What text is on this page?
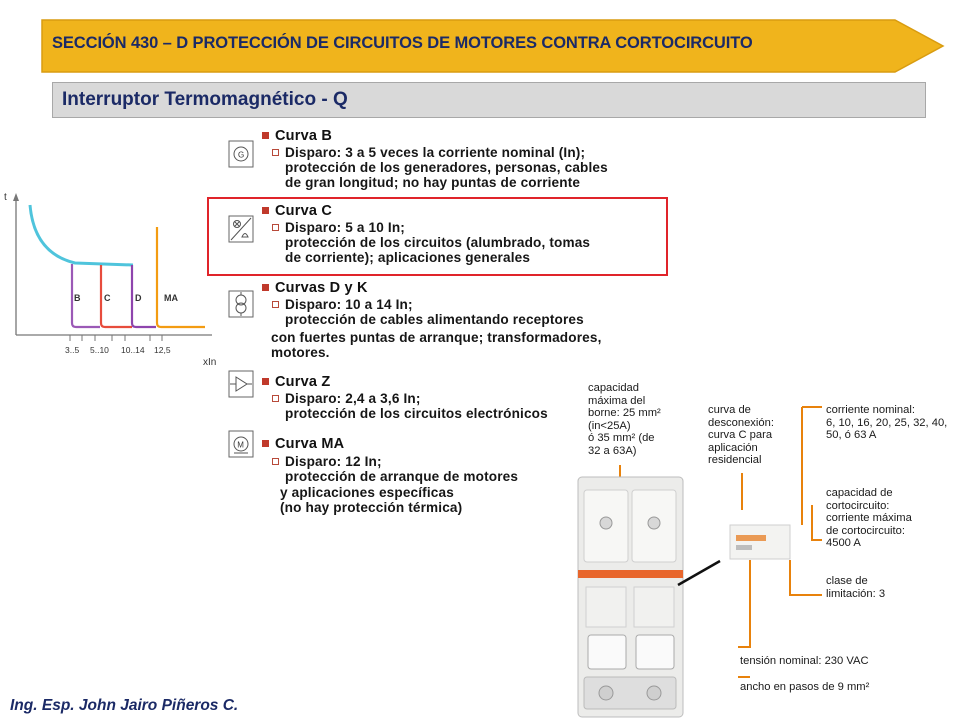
SECCIÓN 430 – D PROTECCIÓN DE CIRCUITOS DE MOTORES CONTRA CORTOCIRCUITO
Interruptor Termomagnético - Q
t
xIn
B	C	D	MA
3..5 5..10 10..14 12,5
G
Curva B
Disparo: 3 a 5 veces la corriente nominal (In);
protección de los generadores, personas, cables
de gran longitud; no hay puntas de corriente
Curva C
Disparo: 5 a 10 In;
protección de los circuitos (alumbrado, tomas
de corriente); aplicaciones generales
Curvas D y K
Disparo: 10 a 14 In;
protección de cables alimentando receptores
con fuertes puntas de arranque; transformadores,
motores.
Curva Z
Disparo: 2,4 a 3,6 In;
protección de los circuitos electrónicos
M	Curva MA
Disparo: 12 In;
protección de arranque de motores
y aplicaciones específicas
(no hay protección térmica)
capacidad
máxima del
borne: 25 mm²
(in<25A)
ó 35 mm² (de
32 a 63A)
curva de
desconexión:
curva C para
aplicación
residencial
corriente nominal:
6, 10, 16, 20, 25, 32, 40,
50, ó 63 A
capacidad de
cortocircuito:
corriente máxima
de cortocircuito:
4500 A
clase de
limitación: 3
tensión nominal: 230 VAC
ancho en pasos de 9 mm²
Ing. Esp. John Jairo Piñeros C.
